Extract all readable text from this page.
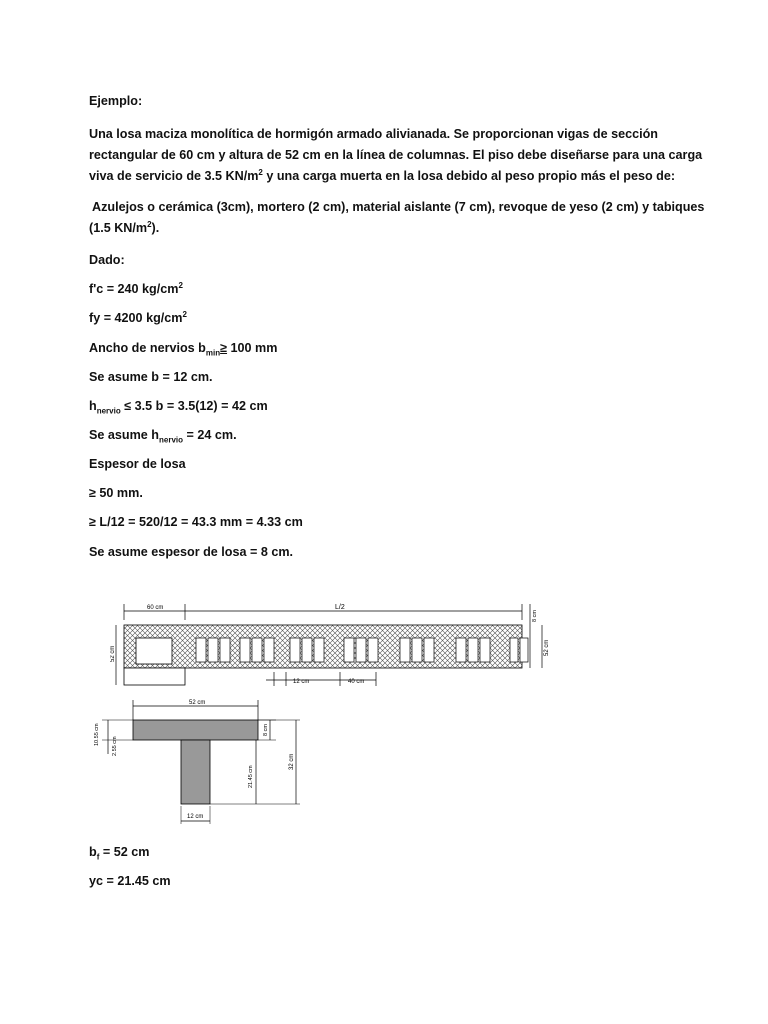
Ejemplo:

Una losa maciza monolítica de hormigón armado alivianada. Se proporcionan vigas de sección

rectangular de 60 cm y altura de 52 cm en la línea de columnas. El piso debe diseñarse para una carga

viva de servicio de 3.5 $KN/m^2$ y una carga muerta en la losa debido al peso propio más el peso de:

Azulejos o cerámica (3cm), mortero (2 cm), material aislante (7 cm), revoque de yeso (2 cm) y tabiques

(1.5 $KN/m^2$).

Dado:

f'c = 240 $kg/cm^2$

fy = 4200 $kg/cm^2$

Ancho de nervios $b_{min}\ge 100$ mm

Se asume b = 12 cm.

$h_{nervio} \le 3.5$ b = 3.5(12) = 42 cm

Se asume $h_{nervio} = 24$ cm.

Espesor de losa

≥ 50 mm.

≥ L/12 = 520/12 = 43.3 mm = 4.33 cm

Se asume espesor de losa = 8 cm.

60 cm	L/2
52 cm
8 cm
52 cm
12 cm	40 cm
52 cm
10.55 cm
2.55 cm
8 cm
21.45 cm
32 cm
12 cm

$b_f = 52$ cm

yc = 21.45 cm
